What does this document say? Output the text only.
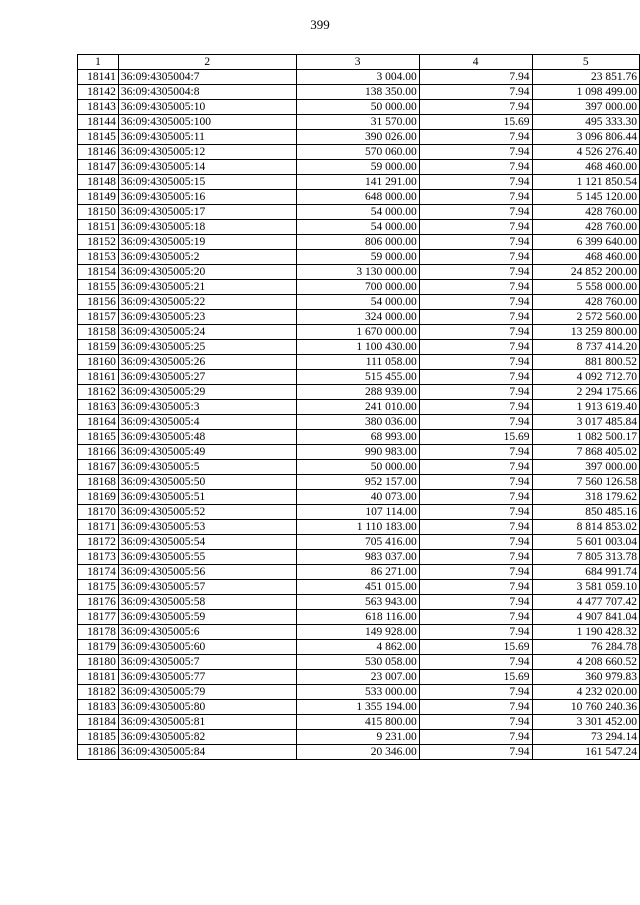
399
1	2	3	4	5
18141	36:09:4305004:7	3 004.00	7.94	23 851.76
18142	36:09:4305004:8	138 350.00	7.94	1 098 499.00
18143	36:09:4305005:10	50 000.00	7.94	397 000.00
18144	36:09:4305005:100	31 570.00	15.69	495 333.30
18145	36:09:4305005:11	390 026.00	7.94	3 096 806.44
18146	36:09:4305005:12	570 060.00	7.94	4 526 276.40
18147	36:09:4305005:14	59 000.00	7.94	468 460.00
18148	36:09:4305005:15	141 291.00	7.94	1 121 850.54
18149	36:09:4305005:16	648 000.00	7.94	5 145 120.00
18150	36:09:4305005:17	54 000.00	7.94	428 760.00
18151	36:09:4305005:18	54 000.00	7.94	428 760.00
18152	36:09:4305005:19	806 000.00	7.94	6 399 640.00
18153	36:09:4305005:2	59 000.00	7.94	468 460.00
18154	36:09:4305005:20	3 130 000.00	7.94	24 852 200.00
18155	36:09:4305005:21	700 000.00	7.94	5 558 000.00
18156	36:09:4305005:22	54 000.00	7.94	428 760.00
18157	36:09:4305005:23	324 000.00	7.94	2 572 560.00
18158	36:09:4305005:24	1 670 000.00	7.94	13 259 800.00
18159	36:09:4305005:25	1 100 430.00	7.94	8 737 414.20
18160	36:09:4305005:26	111 058.00	7.94	881 800.52
18161	36:09:4305005:27	515 455.00	7.94	4 092 712.70
18162	36:09:4305005:29	288 939.00	7.94	2 294 175.66
18163	36:09:4305005:3	241 010.00	7.94	1 913 619.40
18164	36:09:4305005:4	380 036.00	7.94	3 017 485.84
18165	36:09:4305005:48	68 993.00	15.69	1 082 500.17
18166	36:09:4305005:49	990 983.00	7.94	7 868 405.02
18167	36:09:4305005:5	50 000.00	7.94	397 000.00
18168	36:09:4305005:50	952 157.00	7.94	7 560 126.58
18169	36:09:4305005:51	40 073.00	7.94	318 179.62
18170	36:09:4305005:52	107 114.00	7.94	850 485.16
18171	36:09:4305005:53	1 110 183.00	7.94	8 814 853.02
18172	36:09:4305005:54	705 416.00	7.94	5 601 003.04
18173	36:09:4305005:55	983 037.00	7.94	7 805 313.78
18174	36:09:4305005:56	86 271.00	7.94	684 991.74
18175	36:09:4305005:57	451 015.00	7.94	3 581 059.10
18176	36:09:4305005:58	563 943.00	7.94	4 477 707.42
18177	36:09:4305005:59	618 116.00	7.94	4 907 841.04
18178	36:09:4305005:6	149 928.00	7.94	1 190 428.32
18179	36:09:4305005:60	4 862.00	15.69	76 284.78
18180	36:09:4305005:7	530 058.00	7.94	4 208 660.52
18181	36:09:4305005:77	23 007.00	15.69	360 979.83
18182	36:09:4305005:79	533 000.00	7.94	4 232 020.00
18183	36:09:4305005:80	1 355 194.00	7.94	10 760 240.36
18184	36:09:4305005:81	415 800.00	7.94	3 301 452.00
18185	36:09:4305005:82	9 231.00	7.94	73 294.14
18186	36:09:4305005:84	20 346.00	7.94	161 547.24
